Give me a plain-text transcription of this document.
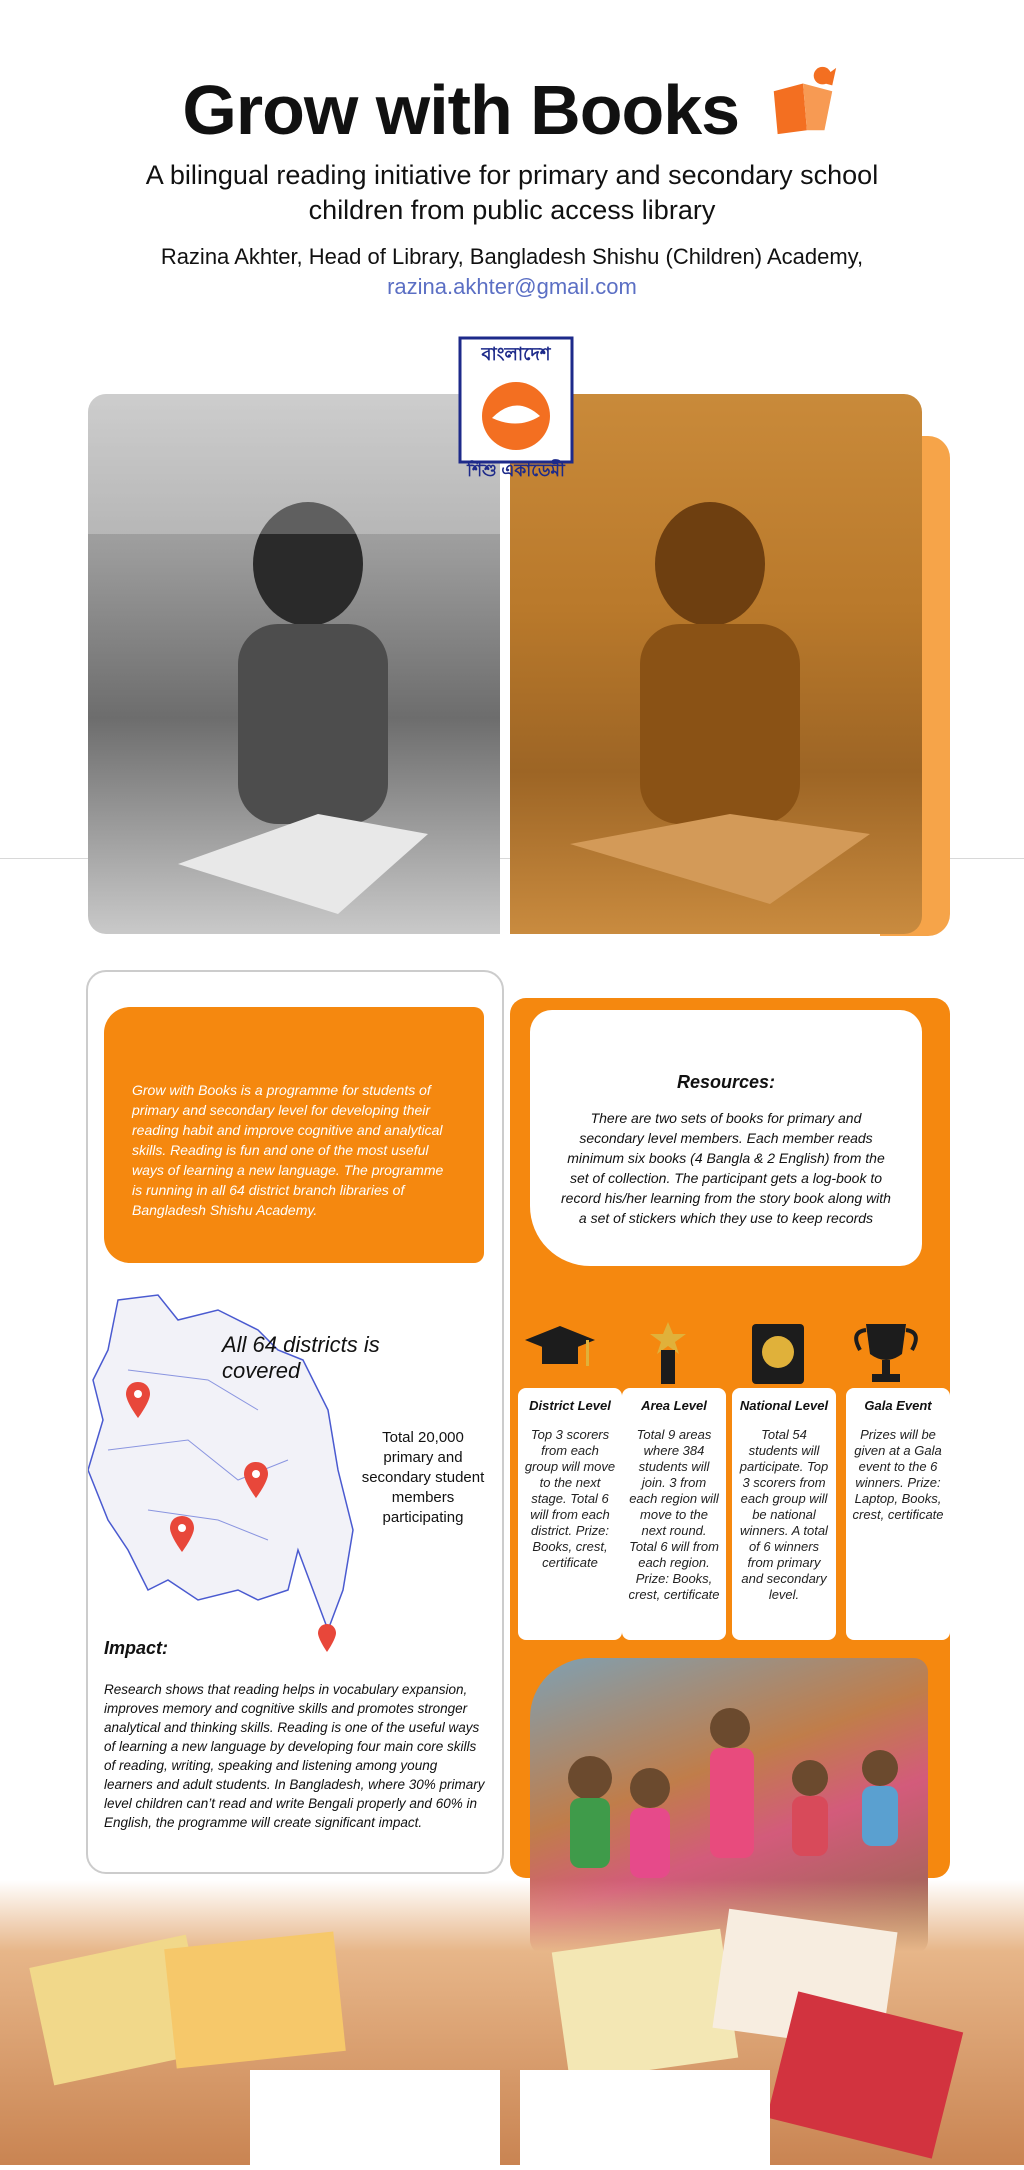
Grow with Books
A bilingual reading initiative for primary and secondary school children from public access library
Razina Akhter, Head of Library, Bangladesh Shishu (Children) Academy,
razina.akhter@gmail.com
বাংলাদেশ
শিশু একাডেমী
Grow with Books is a programme for students of primary and secondary level for developing their reading habit and improve cognitive and analytical skills. Reading is fun and one of the most useful ways of learning a new language. The programme is running in all 64 district branch libraries of Bangladesh Shishu Academy.
All 64 districts is covered
Total 20,000 primary and secondary student members participating
Impact:
Research shows that reading helps in vocabulary expansion, improves memory and cognitive skills and promotes stronger analytical and thinking skills. Reading is one of the useful ways of learning a new language by developing four main core skills of reading, writing, speaking and listening among young learners and adult students. In Bangladesh, where 30% primary level children can’t read and write Bengali properly and 60% in English, the programme will create significant impact.
Resources:
There are two sets of books for primary and secondary level members. Each member reads minimum six books (4 Bangla & 2 English) from the set of collection. The participant gets a log-book to record his/her learning from the story book along with a set of stickers which they use to keep records
District Level
Top 3 scorers from each group will move to the next stage. Total 6 will from each district. Prize: Books, crest, certificate
Area Level
Total 9 areas where 384 students will join. 3 from each region will move to the next round. Total 6 will from each region. Prize: Books, crest, certificate
National Level
Total 54 students will participate. Top 3 scorers from each group will be national winners. A total of 6 winners from primary and secondary level.
Gala Event
Prizes will be given at a Gala event to the 6 winners. Prize: Laptop, Books, crest, certificate
